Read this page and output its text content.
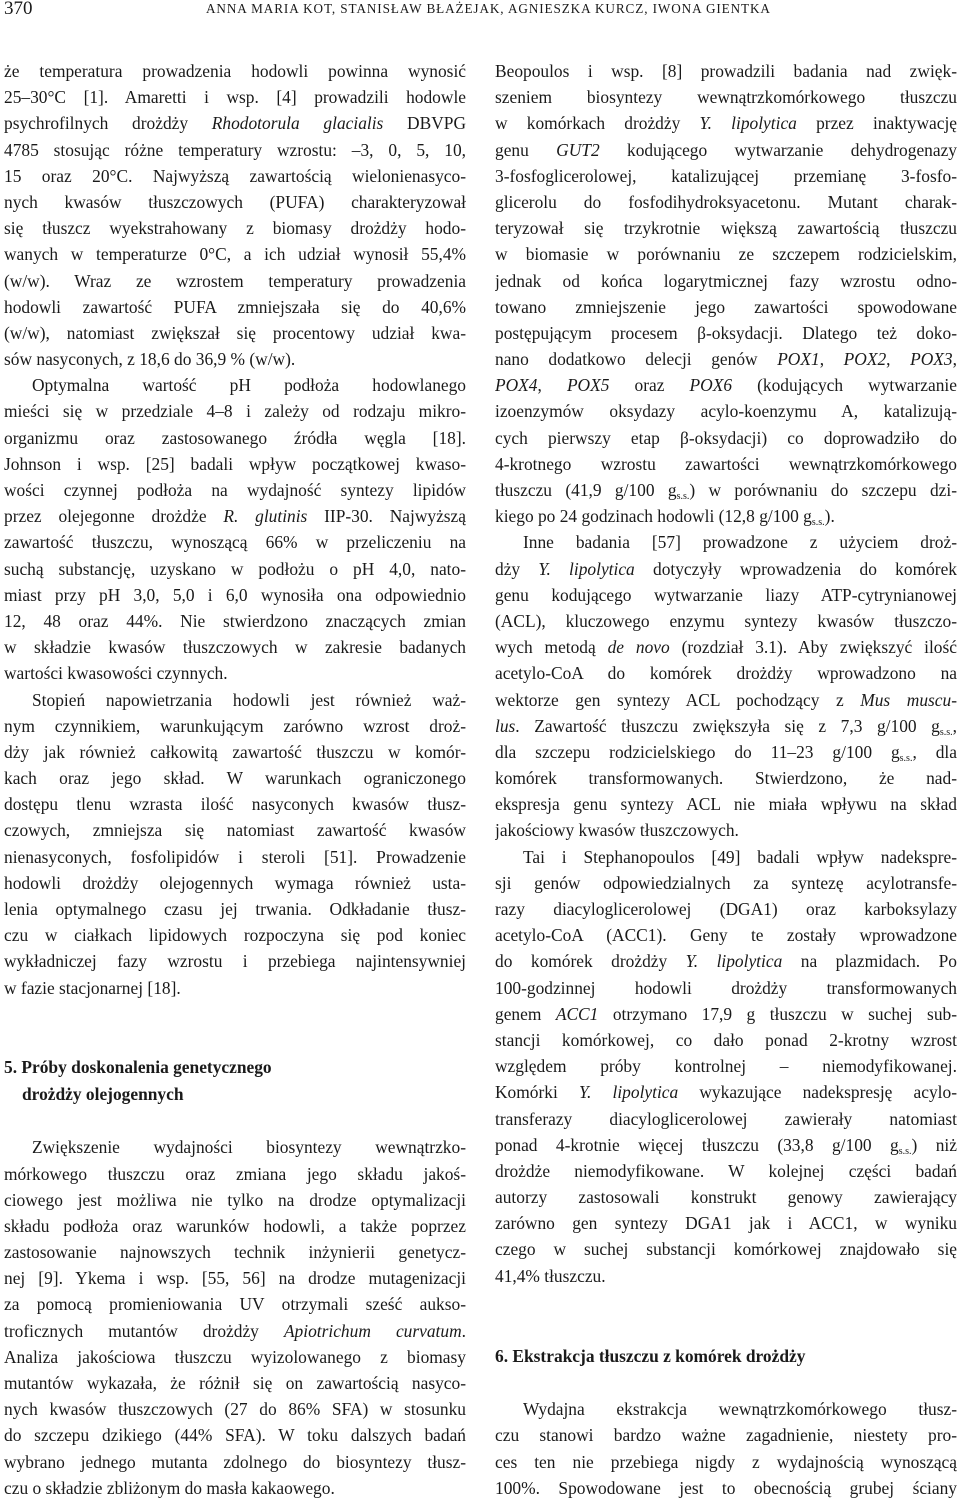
370	ANNA MARIA KOT, STANISŁAW BŁAŻEJAK, AGNIESZKA KURCZ, IWONA GIENTKA
że temperatura prowadzenia hodowli powinna wynosić
25–30°C [1]. Amaretti i wsp. [4] prowadzili hodowle
psychrofilnych drożdży Rhodotorula glacialis DBVPG
4785 stosując różne temperatury wzrostu: –3, 0, 5, 10,
15 oraz 20°C. Najwyższą zawartością wielonienasyco-
nych kwasów tłuszczowych (PUFA) charakteryzował
się tłuszcz wyekstrahowany z biomasy drożdży hodo-
wanych w temperaturze 0°C, a ich udział wynosił 55,4%
(w/w). Wraz ze wzrostem temperatury prowadzenia
hodowli zawartość PUFA zmniejszała się do 40,6%
(w/w), natomiast zwiększał się procentowy udział kwa-
sów nasyconych, z 18,6 do 36,9 % (w/w).
Optymalna wartość pH podłoża hodowlanego
mieści się w przedziale 4–8 i zależy od rodzaju mikro-
organizmu oraz zastosowanego źródła węgla [18].
Johnson i wsp. [25] badali wpływ początkowej kwaso-
wości czynnej podłoża na wydajność syntezy lipidów
przez olejegonne drożdże R. glutinis IIP-30. Najwyższą
zawartość tłuszczu, wynoszącą 66% w przeliczeniu na
suchą substancję, uzyskano w podłożu o pH 4,0, nato-
miast przy pH 3,0, 5,0 i 6,0 wynosiła ona odpowiednio
12, 48 oraz 44%. Nie stwierdzono znaczących zmian
w składzie kwasów tłuszczowych w zakresie badanych
wartości kwasowości czynnych.
Stopień napowietrzania hodowli jest również waż-
nym czynnikiem, warunkującym zarówno wzrost droż-
dży jak również całkowitą zawartość tłuszczu w komór-
kach oraz jego skład. W warunkach ograniczonego
dostępu tlenu wzrasta ilość nasyconych kwasów tłusz-
czowych, zmniejsza się natomiast zawartość kwasów
nienasyconych, fosfolipidów i steroli [51]. Prowadzenie
hodowli drożdży olejogennych wymaga również usta-
lenia optymalnego czasu jej trwania. Odkładanie tłusz-
czu w ciałkach lipidowych rozpoczyna się pod koniec
wykładniczej fazy wzrostu i przebiega najintensywniej
w fazie stacjonarnej [18].
5. Próby doskonalenia genetycznego
drożdży olejogennych
Zwiększenie wydajności biosyntezy wewnątrzko-
mórkowego tłuszczu oraz zmiana jego składu jakoś-
ciowego jest możliwa nie tylko na drodze optymalizacji
składu podłoża oraz warunków hodowli, a także poprzez
zastosowanie najnowszych technik inżynierii genetycz-
nej [9]. Ykema i wsp. [55, 56] na drodze mutagenizacji
za pomocą promieniowania UV otrzymali sześć aukso-
troficznych mutantów drożdży Apiotrichum curvatum.
Analiza jakościowa tłuszczu wyizolowanego z biomasy
mutantów wykazała, że różnił się on zawartością nasyco-
nych kwasów tłuszczowych (27 do 86% SFA) w stosunku
do szczepu dzikiego (44% SFA). W toku dalszych badań
wybrano jednego mutanta zdolnego do biosyntezy tłusz-
czu o składzie zbliżonym do masła kakaowego.
Beopoulos i wsp. [8] prowadzili badania nad zwięk-
szeniem biosyntezy wewnątrzkomórkowego tłuszczu
w komórkach drożdży Y. lipolytica przez inaktywację
genu GUT2 kodującego wytwarzanie dehydrogenazy
3-fosfoglicerolowej, katalizującej przemianę 3-fosfo-
glicerolu do fosfodihydroksyacetonu. Mutant charak-
teryzował się trzykrotnie większą zawartością tłuszczu
w biomasie w porównaniu ze szczepem rodzicielskim,
jednak od końca logarytmicznej fazy wzrostu odno-
towano zmniejszenie jego zawartości spowodowane
postępującym procesem β-oksydacji. Dlatego też doko-
nano dodatkowo delecji genów POX1, POX2, POX3,
POX4, POX5 oraz POX6 (kodujących wytwarzanie
izoenzymów oksydazy acylo-koenzymu A, katalizują-
cych pierwszy etap β-oksydacji) co doprowadziło do
4-krotnego wzrostu zawartości wewnątrzkomórkowego
tłuszczu (41,9 g/100 $g_{s.s.}$) w porównaniu do szczepu dzi-
kiego po 24 godzinach hodowli (12,8 g/100 $g_{s.s.}$).
Inne badania [57] prowadzone z użyciem droż-
dży Y. lipolytica dotyczyły wprowadzenia do komórek
genu kodującego wytwarzanie liazy ATP-cytrynianowej
(ACL), kluczowego enzymu syntezy kwasów tłuszczo-
wych metodą de novo (rozdział 3.1). Aby zwiększyć ilość
acetylo-CoA do komórek drożdży wprowadzono na
wektorze gen syntezy ACL pochodzący z Mus muscu-
lus. Zawartość tłuszczu zwiększyła się z 7,3 g/100 $g_{s.s.}$,
dla szczepu rodzicielskiego do 11–23 g/100 $g_{s.s.}$, dla
komórek transformowanych. Stwierdzono, że nad-
ekspresja genu syntezy ACL nie miała wpływu na skład
jakościowy kwasów tłuszczowych.
Tai i Stephanopoulos [49] badali wpływ nadekspre-
sji genów odpowiedzialnych za syntezę acylotransfe-
razy diacyloglicerolowej (DGA1) oraz karboksylazy
acetylo-CoA (ACC1). Geny te zostały wprowadzone
do komórek drożdży Y. lipolytica na plazmidach. Po
100-godzinnej hodowli drożdży transformowanych
genem ACC1 otrzymano 17,9 g tłuszczu w suchej sub-
stancji komórkowej, co dało ponad 2-krotny wzrost
względem próby kontrolnej – niemodyfikowanej.
Komórki Y. lipolytica wykazujące nadekspresję acylo-
transferazy diacyloglicerolowej zawierały natomiast
ponad 4-krotnie więcej tłuszczu (33,8 g/100 $g_{s.s.}$) niż
drożdże niemodyfikowane. W kolejnej części badań
autorzy zastosowali konstrukt genowy zawierający
zarówno gen syntezy DGA1 jak i ACC1, w wyniku
czego w suchej substancji komórkowej znajdowało się
41,4% tłuszczu.
6. Ekstrakcja tłuszczu z komórek drożdży
Wydajna ekstrakcja wewnątrzkomórkowego tłusz-
czu stanowi bardzo ważne zagadnienie, niestety pro-
ces ten nie przebiega nigdy z wydajnością wynoszącą
100%. Spowodowane jest to obecnością grubej ściany
